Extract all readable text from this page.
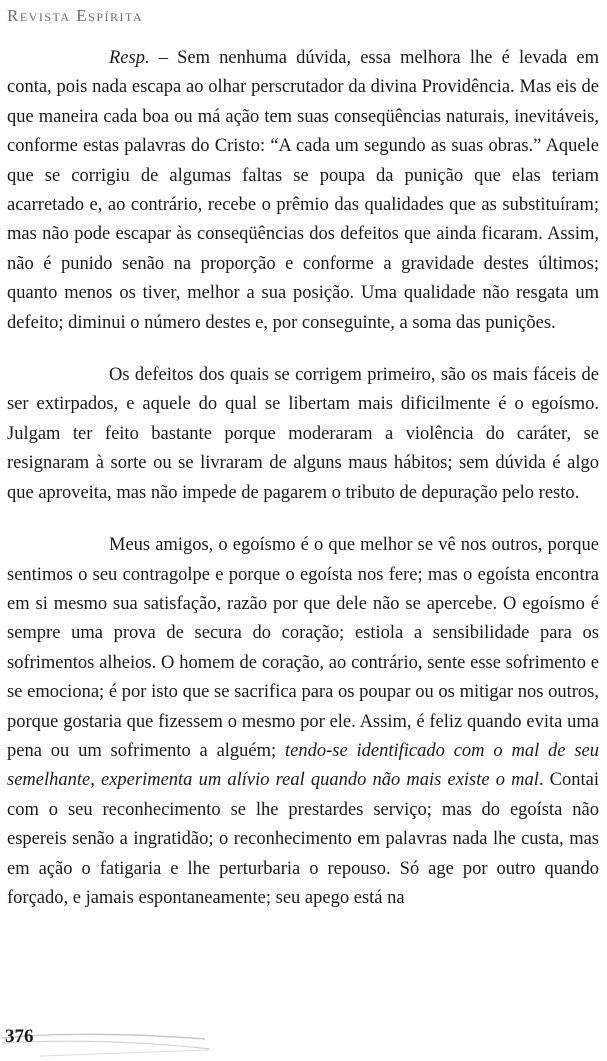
Revista Espírita

Resp. – Sem nenhuma dúvida, essa melhora lhe é levada em conta, pois nada escapa ao olhar perscrutador da divina Providência. Mas eis de que maneira cada boa ou má ação tem suas conseqüências naturais, inevitáveis, conforme estas palavras do Cristo: “A cada um segundo as suas obras.” Aquele que se corrigiu de algumas faltas se poupa da punição que elas teriam acarretado e, ao contrário, recebe o prêmio das qualidades que as substituíram; mas não pode escapar às conseqüências dos defeitos que ainda ficaram. Assim, não é punido senão na proporção e conforme a gravidade destes últimos; quanto menos os tiver, melhor a sua posição. Uma qualidade não resgata um defeito; diminui o número destes e, por conseguinte, a soma das punições.

Os defeitos dos quais se corrigem primeiro, são os mais fáceis de ser extirpados, e aquele do qual se libertam mais dificilmente é o egoísmo. Julgam ter feito bastante porque moderaram a violência do caráter, se resignaram à sorte ou se livraram de alguns maus hábitos; sem dúvida é algo que aproveita, mas não impede de pagarem o tributo de depuração pelo resto.

Meus amigos, o egoísmo é o que melhor se vê nos outros, porque sentimos o seu contragolpe e porque o egoísta nos fere; mas o egoísta encontra em si mesmo sua satisfação, razão por que dele não se apercebe. O egoísmo é sempre uma prova de secura do coração; estiola a sensibilidade para os sofrimentos alheios. O homem de coração, ao contrário, sente esse sofrimento e se emociona; é por isto que se sacrifica para os poupar ou os mitigar nos outros, porque gostaria que fizessem o mesmo por ele. Assim, é feliz quando evita uma pena ou um sofrimento a alguém; tendo-se identificado com o mal de seu semelhante, experimenta um alívio real quando não mais existe o mal. Contai com o seu reconhecimento se lhe prestardes serviço; mas do egoísta não espereis senão a ingratidão; o reconhecimento em palavras nada lhe custa, mas em ação o fatigaria e lhe perturbaria o repouso. Só age por outro quando forçado, e jamais espontaneamente; seu apego está na

376
